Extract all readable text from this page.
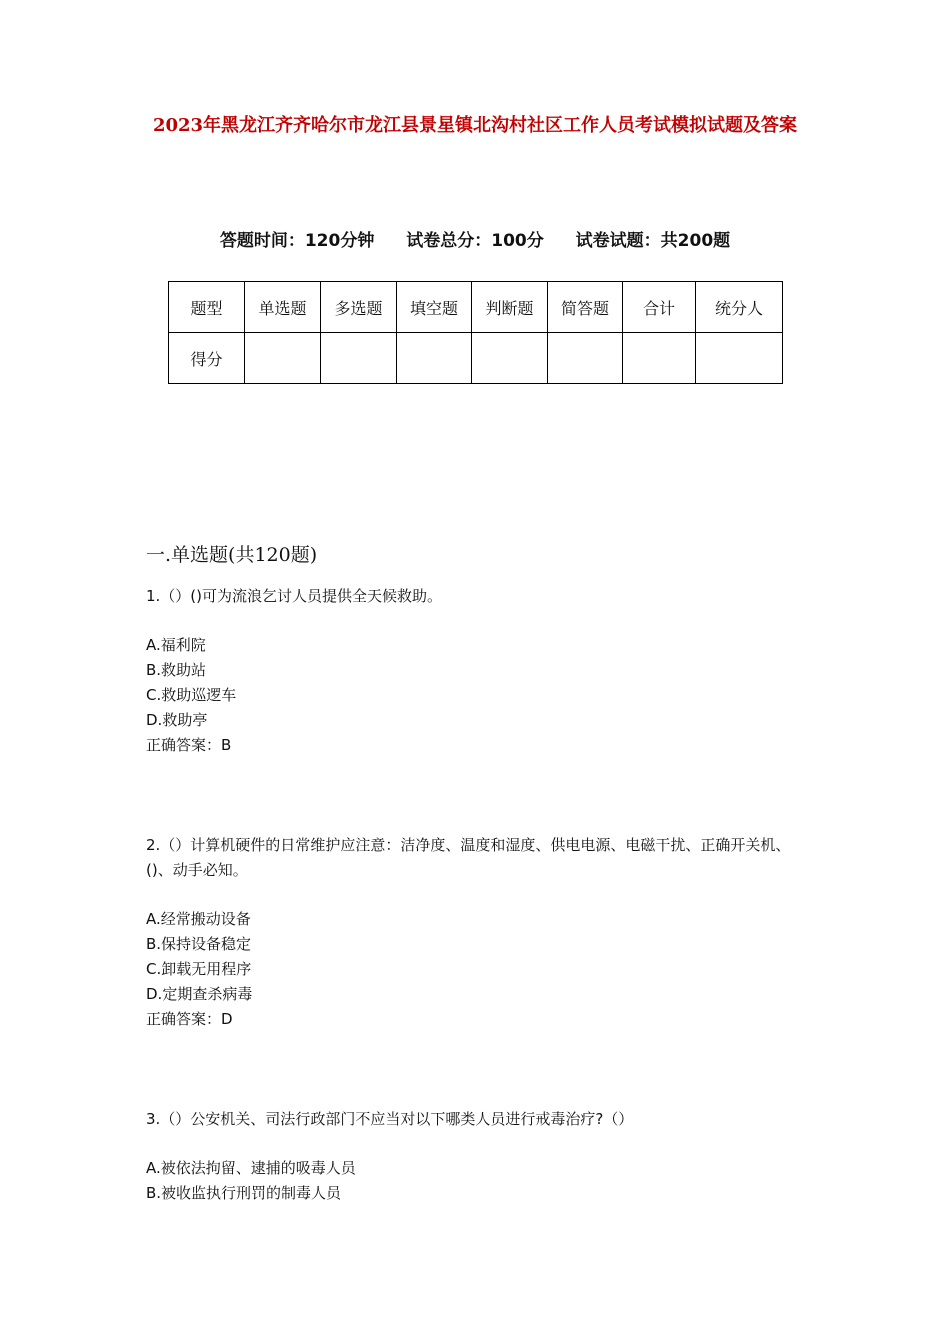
2023年黑龙江齐齐哈尔市龙江县景星镇北沟村社区工作人员考试模拟试题及答案
答题时间：120分钟 试卷总分：100分 试卷试题：共200题
题型	单选题	多选题	填空题	判断题	简答题	合计	统分人
得分							
一.单选题(共120题)

1.（）()可为流浪乞讨人员提供全天候救助。

A.福利院

B.救助站

C.救助巡逻车

D.救助亭

正确答案：B

2.（）计算机硬件的日常维护应注意：洁净度、温度和湿度、供电电源、电磁干扰、正确开关机、 ()、动手必知。

A.经常搬动设备

B.保持设备稳定

C.卸载无用程序

D.定期查杀病毒

正确答案：D

3.（）公安机关、司法行政部门不应当对以下哪类人员进行戒毒治疗?（）

A.被依法拘留、逮捕的吸毒人员

B.被收监执行刑罚的制毒人员
